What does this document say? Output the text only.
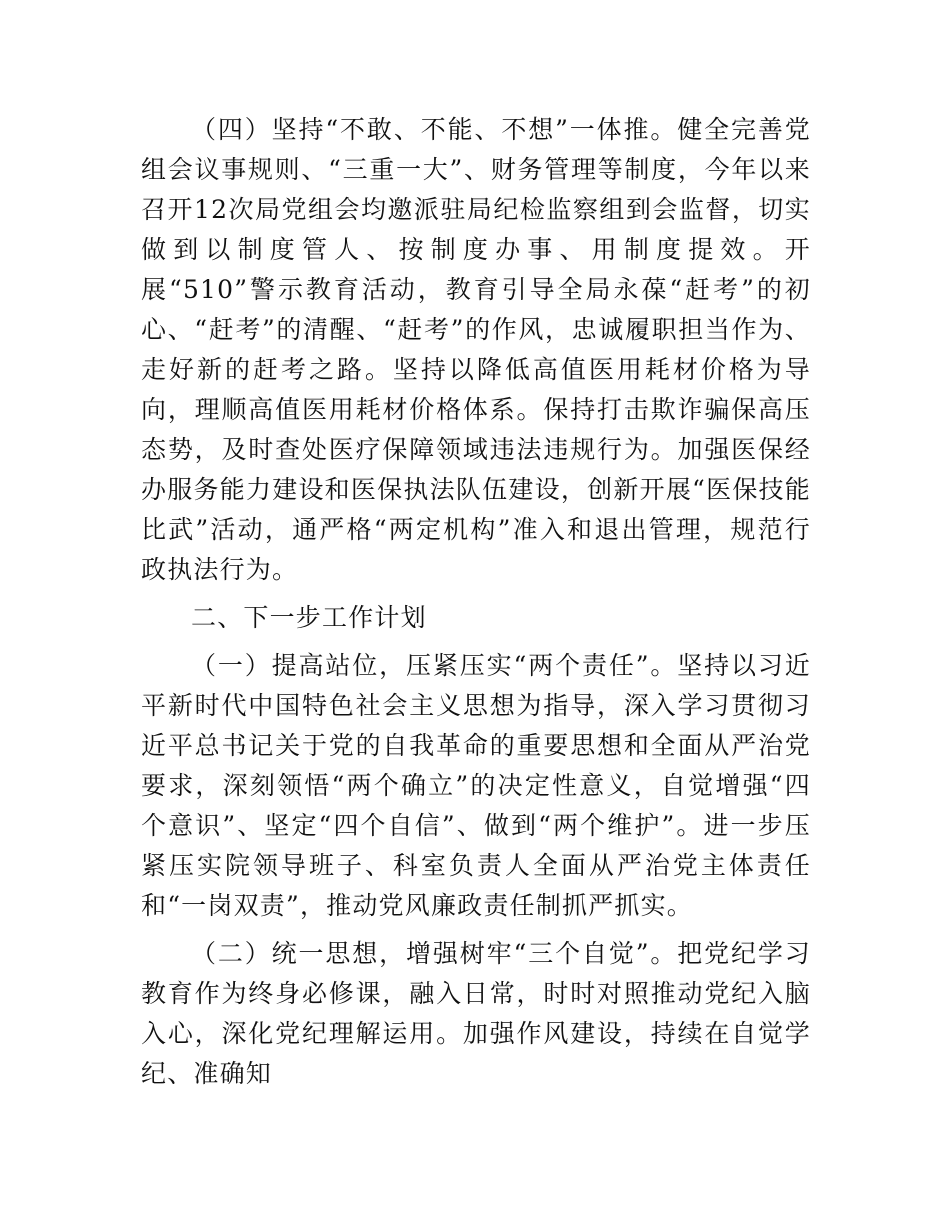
（四）坚持“不敢、不能、不想”一体推。健全完善党组会议事规则、“三重一大”、财务管理等制度，今年以来召开12次局党组会均邀派驻局纪检监察组到会监督，切实做到以制度管人、按制度办事、用制度提效。开展“510”警示教育活动，教育引导全局永葆“赶考”的初心、“赶考”的清醒、“赶考”的作风，忠诚履职担当作为、走好新的赶考之路。坚持以降低高值医用耗材价格为导向，理顺高值医用耗材价格体系。保持打击欺诈骗保高压态势，及时查处医疗保障领域违法违规行为。加强医保经办服务能力建设和医保执法队伍建设，创新开展“医保技能比武”活动，通严格“两定机构”准入和退出管理，规范行政执法行为。

二、下一步工作计划

（一）提高站位，压紧压实“两个责任”。坚持以习近平新时代中国特色社会主义思想为指导，深入学习贯彻习近平总书记关于党的自我革命的重要思想和全面从严治党要求，深刻领悟“两个确立”的决定性意义，自觉增强“四个意识”、坚定“四个自信”、做到“两个维护”。进一步压紧压实院领导班子、科室负责人全面从严治党主体责任和“一岗双责”，推动党风廉政责任制抓严抓实。

（二）统一思想，增强树牢“三个自觉”。把党纪学习教育作为终身必修课，融入日常，时时对照推动党纪入脑入心，深化党纪理解运用。加强作风建设，持续在自觉学纪、准确知
